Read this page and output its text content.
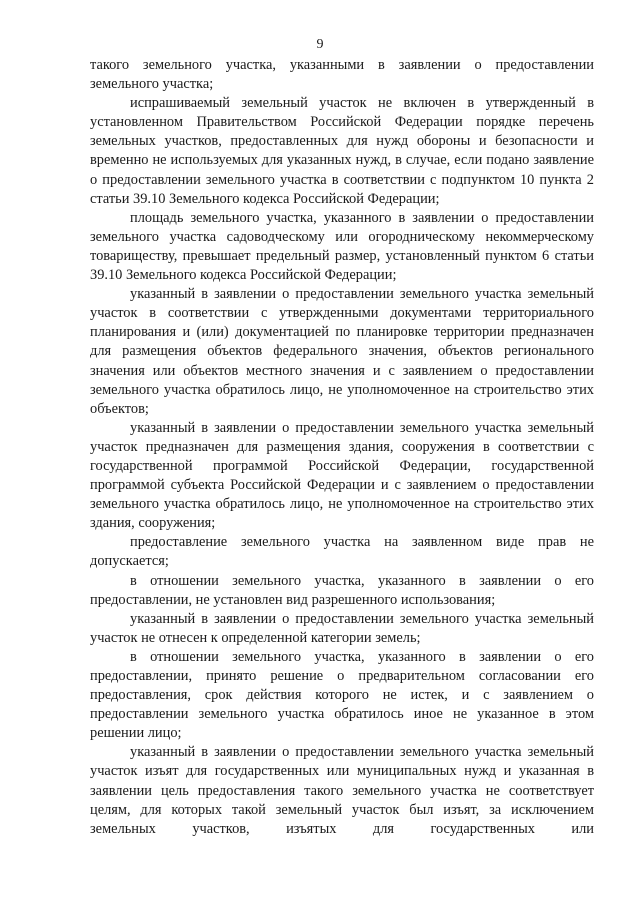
9

такого земельного участка, указанными в заявлении о предоставлении земельного участка;

испрашиваемый земельный участок не включен в утвержденный в установленном Правительством Российской Федерации порядке перечень земельных участков, предоставленных для нужд обороны и безопасности и временно не используемых для указанных нужд, в случае, если подано заявление о предоставлении земельного участка в соответствии с подпунктом 10 пункта 2 статьи 39.10 Земельного кодекса Российской Федерации;

площадь земельного участка, указанного в заявлении о предоставлении земельного участка садоводческому или огородническому некоммерческому товариществу, превышает предельный размер, установленный пунктом 6 статьи 39.10 Земельного кодекса Российской Федерации;

указанный в заявлении о предоставлении земельного участка земельный участок в соответствии с утвержденными документами территориального планирования и (или) документацией по планировке территории предназначен для размещения объектов федерального значения, объектов регионального значения или объектов местного значения и с заявлением о предоставлении земельного участка обратилось лицо, не уполномоченное на строительство этих объектов;

указанный в заявлении о предоставлении земельного участка земельный участок предназначен для размещения здания, сооружения в соответствии с государственной программой Российской Федерации, государственной программой субъекта Российской Федерации и с заявлением о предоставлении земельного участка обратилось лицо, не уполномоченное на строительство этих здания, сооружения;

предоставление земельного участка на заявленном виде прав не допускается;

в отношении земельного участка, указанного в заявлении о его предоставлении, не установлен вид разрешенного использования;

указанный в заявлении о предоставлении земельного участка земельный участок не отнесен к определенной категории земель;

в отношении земельного участка, указанного в заявлении о его предоставлении, принято решение о предварительном согласовании его предоставления, срок действия которого не истек, и с заявлением о предоставлении земельного участка обратилось иное не указанное в этом решении лицо;

указанный в заявлении о предоставлении земельного участка земельный участок изъят для государственных или муниципальных нужд и указанная в заявлении цель предоставления такого земельного участка не соответствует целям, для которых такой земельный участок был изъят, за исключением земельных участков, изъятых для государственных или
